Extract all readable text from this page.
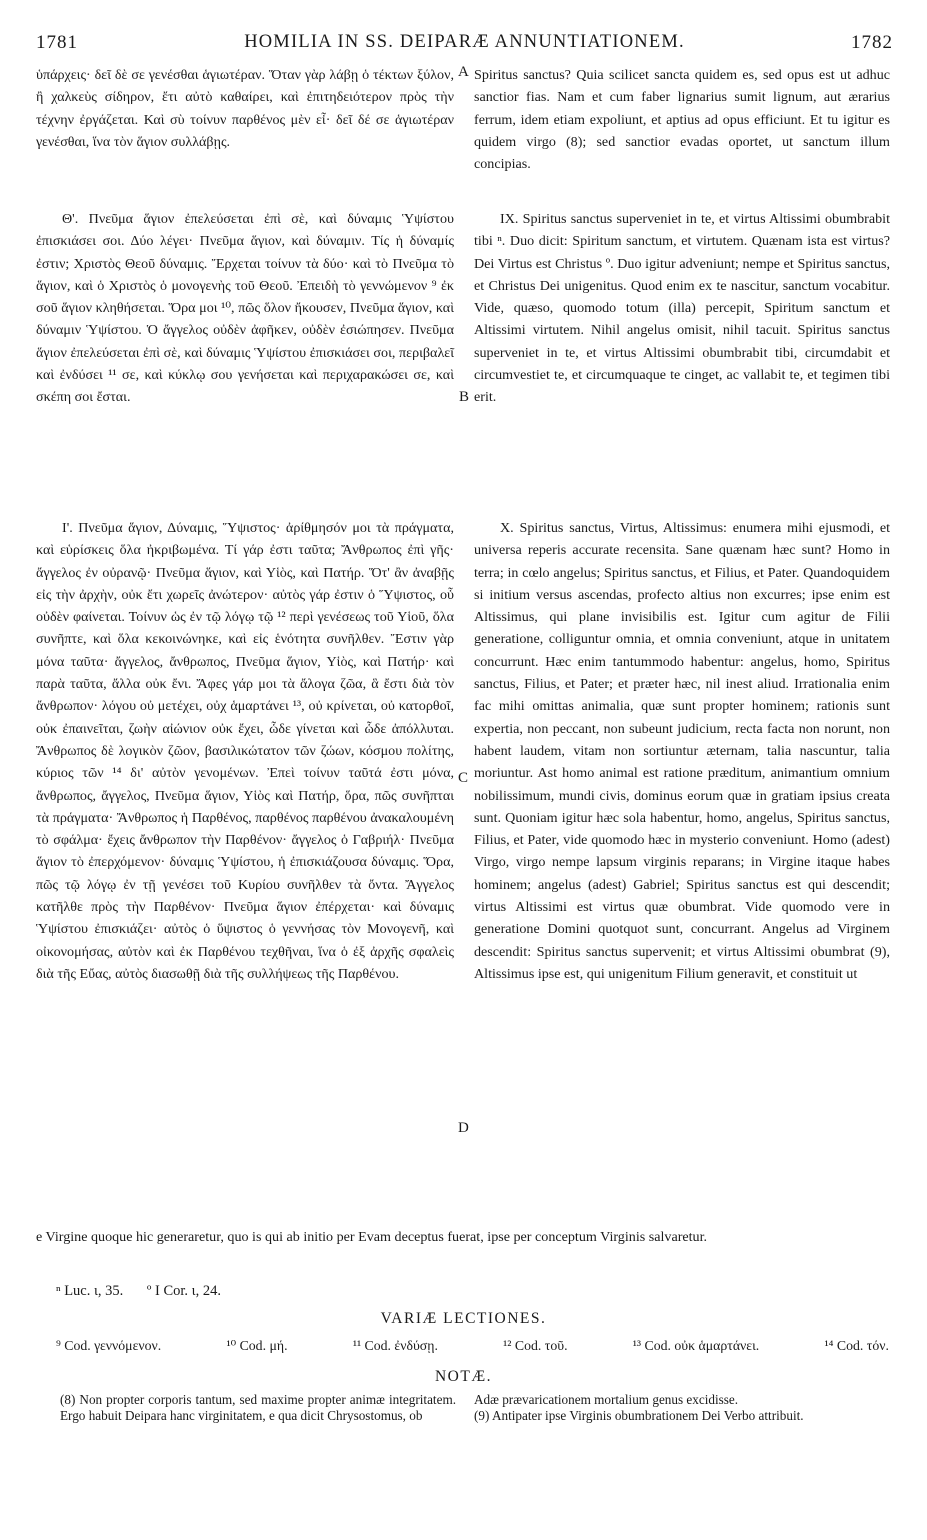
1781	HOMILIA IN SS. DEIPARÆ ANNUNTIATIONEM.	1782
A
B
C
D

ὑπάρχεις· δεῖ δὲ σε γενέσθαι ἁγιωτέραν. Ὅταν γὰρ λάβῃ ὁ τέκτων ξύλον, ἢ χαλκεὺς σίδηρον, ἔτι αὐτὸ καθαίρει, καὶ ἐπιτηδειότερον πρὸς τὴν τέχνην ἐργάζεται. Καὶ σὺ τοίνυν παρθένος μὲν εἶ· δεῖ δέ σε ἁγιωτέραν γενέσθαι, ἵνα τὸν ἅγιον συλλάβῃς.

Spiritus sanctus? Quia scilicet sancta quidem es, sed opus est ut adhuc sanctior fias. Nam et cum faber lignarius sumit lignum, aut ærarius ferrum, idem etiam expoliunt, et aptius ad opus efficiunt. Et tu igitur es quidem virgo (8); sed sanctior evadas oportet, ut sanctum illum concipias.

Θ'. Πνεῦμα ἅγιον ἐπελεύσεται ἐπὶ σὲ, καὶ δύναμις Ὑψίστου ἐπισκιάσει σοι. Δύο λέγει· Πνεῦμα ἅγιον, καὶ δύναμιν. Τίς ἡ δύναμίς ἐστιν; Χριστὸς Θεοῦ δύναμις. Ἔρχεται τοίνυν τὰ δύο· καὶ τὸ Πνεῦμα τὸ ἅγιον, καὶ ὁ Χριστὸς ὁ μονογενὴς τοῦ Θεοῦ. Ἐπειδὴ τὸ γεννώμενον ⁹ ἐκ σοῦ ἅγιον κληθήσεται. Ὅρα μοι ¹⁰, πῶς ὅλον ἤκουσεν, Πνεῦμα ἅγιον, καὶ δύναμιν Ὑψίστου. Ὁ ἄγγελος οὐδὲν ἀφῆκεν, οὐδὲν ἐσιώπησεν. Πνεῦμα ἅγιον ἐπελεύσεται ἐπὶ σὲ, καὶ δύναμις Ὑψίστου ἐπισκιάσει σοι, περιβαλεῖ καὶ ἐνδύσει ¹¹ σε, καὶ κύκλῳ σου γενήσεται καὶ περιχαρακώσει σε, καὶ σκέπη σοι ἔσται.

IX. Spiritus sanctus superveniet in te, et virtus Altissimi obumbrabit tibi ⁿ. Duo dicit: Spiritum sanctum, et virtutem. Quænam ista est virtus? Dei Virtus est Christus º. Duo igitur adveniunt; nempe et Spiritus sanctus, et Christus Dei unigenitus. Quod enim ex te nascitur, sanctum vocabitur. Vide, quæso, quomodo totum (illa) percepit, Spiritum sanctum et Altissimi virtutem. Nihil angelus omisit, nihil tacuit. Spiritus sanctus superveniet in te, et virtus Altissimi obumbrabit tibi, circumdabit et circumvestiet te, et circumquaque te cinget, ac vallabit te, et tegimen tibi erit.

Ι'. Πνεῦμα ἅγιον, Δύναμις, Ὕψιστος· ἀρίθμησόν μοι τὰ πράγματα, καὶ εὑρίσκεις ὅλα ἠκριβωμένα. Τί γάρ ἐστι ταῦτα; Ἄνθρωπος ἐπὶ γῆς· ἄγγελος ἐν οὐρανῷ· Πνεῦμα ἅγιον, καὶ Υἱὸς, καὶ Πατήρ. Ὅτ' ἂν ἀναβῇς εἰς τὴν ἀρχὴν, οὐκ ἔτι χωρεῖς ἀνώτερον· αὐτὸς γάρ ἐστιν ὁ Ὕψιστος, οὗ οὐδὲν φαίνεται. Τοίνυν ὡς ἐν τῷ λόγῳ τῷ ¹² περὶ γενέσεως τοῦ Υἱοῦ, ὅλα συνῆπτε, καὶ ὅλα κεκοινώνηκε, καὶ εἰς ἑνότητα συνῆλθεν. Ἔστιν γὰρ μόνα ταῦτα· ἄγγελος, ἄνθρωπος, Πνεῦμα ἅγιον, Υἱὸς, καὶ Πατήρ· καὶ παρὰ ταῦτα, ἄλλα οὐκ ἔνι. Ἄφες γάρ μοι τὰ ἄλογα ζῶα, ἃ ἔστι διὰ τὸν ἄνθρωπον· λόγου οὐ μετέχει, οὐχ ἁμαρτάνει ¹³, οὐ κρίνεται, οὐ κατορθοῖ, οὐκ ἐπαινεῖται, ζωὴν αἰώνιον οὐκ ἔχει, ὧδε γίνεται καὶ ὧδε ἀπόλλυται. Ἄνθρωπος δὲ λογικὸν ζῶον, βασιλικώτατον τῶν ζώων, κόσμου πολίτης, κύριος τῶν ¹⁴ δι' αὐτὸν γενομένων. Ἐπεὶ τοίνυν ταῦτά ἐστι μόνα, ἄνθρωπος, ἄγγελος, Πνεῦμα ἅγιον, Υἱὸς καὶ Πατήρ, ὅρα, πῶς συνῆπται τὰ πράγματα· Ἄνθρωπος ἡ Παρθένος, παρθένος παρθένου ἀνακαλουμένη τὸ σφάλμα· ἔχεις ἄνθρωπον τὴν Παρθένον· ἄγγελος ὁ Γαβριήλ· Πνεῦμα ἅγιον τὸ ἐπερχόμενον· δύναμις Ὑψίστου, ἡ ἐπισκιάζουσα δύναμις. Ὅρα, πῶς τῷ λόγῳ ἐν τῇ γενέσει τοῦ Κυρίου συνῆλθεν τὰ ὄντα. Ἄγγελος κατῆλθε πρὸς τὴν Παρθένον· Πνεῦμα ἅγιον ἐπέρχεται· καὶ δύναμις Ὑψίστου ἐπισκιάζει· αὐτὸς ὁ ὕψιστος ὁ γεννήσας τὸν Μονογενῆ, καὶ οἰκονομήσας, αὐτὸν καὶ ἐκ Παρθένου τεχθῆναι, ἵνα ὁ ἐξ ἀρχῆς σφαλεὶς διὰ τῆς Εὔας, αὐτὸς διασωθῇ διὰ τῆς συλλήψεως τῆς Παρθένου.

X. Spiritus sanctus, Virtus, Altissimus: enumera mihi ejusmodi, et universa reperis accurate recensita. Sane quænam hæc sunt? Homo in terra; in cœlo angelus; Spiritus sanctus, et Filius, et Pater. Quandoquidem si initium versus ascendas, profecto altius non excurres; ipse enim est Altissimus, qui plane invisibilis est. Igitur cum agitur de Filii generatione, colliguntur omnia, et omnia conveniunt, atque in unitatem concurrunt. Hæc enim tantummodo habentur: angelus, homo, Spiritus sanctus, Filius, et Pater; et præter hæc, nil inest aliud. Irrationalia enim fac mihi omittas animalia, quæ sunt propter hominem; rationis sunt expertia, non peccant, non subeunt judicium, recta facta non norunt, non habent laudem, vitam non sortiuntur æternam, talia nascuntur, talia moriuntur. Ast homo animal est ratione præditum, animantium omnium nobilissimum, mundi civis, dominus eorum quæ in gratiam ipsius creata sunt. Quoniam igitur hæc sola habentur, homo, angelus, Spiritus sanctus, Filius, et Pater, vide quomodo hæc in mysterio conveniunt. Homo (adest) Virgo, virgo nempe lapsum virginis reparans; in Virgine itaque habes hominem; angelus (adest) Gabriel; Spiritus sanctus est qui descendit; virtus Altissimi est virtus quæ obumbrat. Vide quomodo vere in generatione Domini quotquot sunt, concurrant. Angelus ad Virginem descendit: Spiritus sanctus supervenit; et virtus Altissimi obumbrat (9), Altissimus ipse est, qui unigenitum Filium generavit, et constituit ut

e Virgine quoque hic generaretur, quo is qui ab initio per Evam deceptus fuerat, ipse per conceptum Virginis salvaretur.

ⁿ Luc. ι, 35. º I Cor. ι, 24.
VARIÆ LECTIONES.
⁹ Cod. γεννόμενον.	¹⁰ Cod. μή.	¹¹ Cod. ἐνδύσῃ.	¹² Cod. τοῦ.	¹³ Cod. οὐκ ἁμαρτάνει.	¹⁴ Cod. τόν.
NOTÆ.

(8) Non propter corporis tantum, sed maxime propter animæ integritatem. Ergo habuit Deipara hanc virginitatem, e qua dicit Chrysostomus, ob

Adæ prævaricationem mortalium genus excidisse.

(9) Antipater ipse Virginis obumbrationem Dei Verbo attribuit.
